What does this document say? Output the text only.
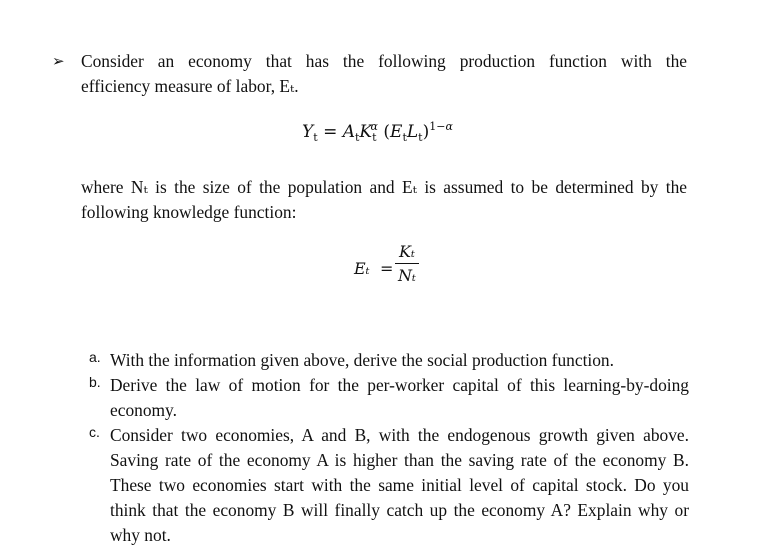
➢ Consider an economy that has the following production function with the
efficiency measure of labor, Eₜ.
$Y_t = A_tK_t^\alpha$ $(E_tL_t)^{1-\alpha}$
where Nₜ is the size of the population and Eₜ is assumed to be determined by the
following knowledge function:
Eₜ =
Kₜ
Nₜ
a. With the information given above, derive the social production function.
b. Derive the law of motion for the per-worker capital of this learning-by-doing economy.
c. Consider two economies, A and B, with the endogenous growth given above. Saving rate of the economy A is higher than the saving rate of the economy B. These two economies start with the same initial level of capital stock. Do you think that the economy B will finally catch up the economy A? Explain why or why not.
